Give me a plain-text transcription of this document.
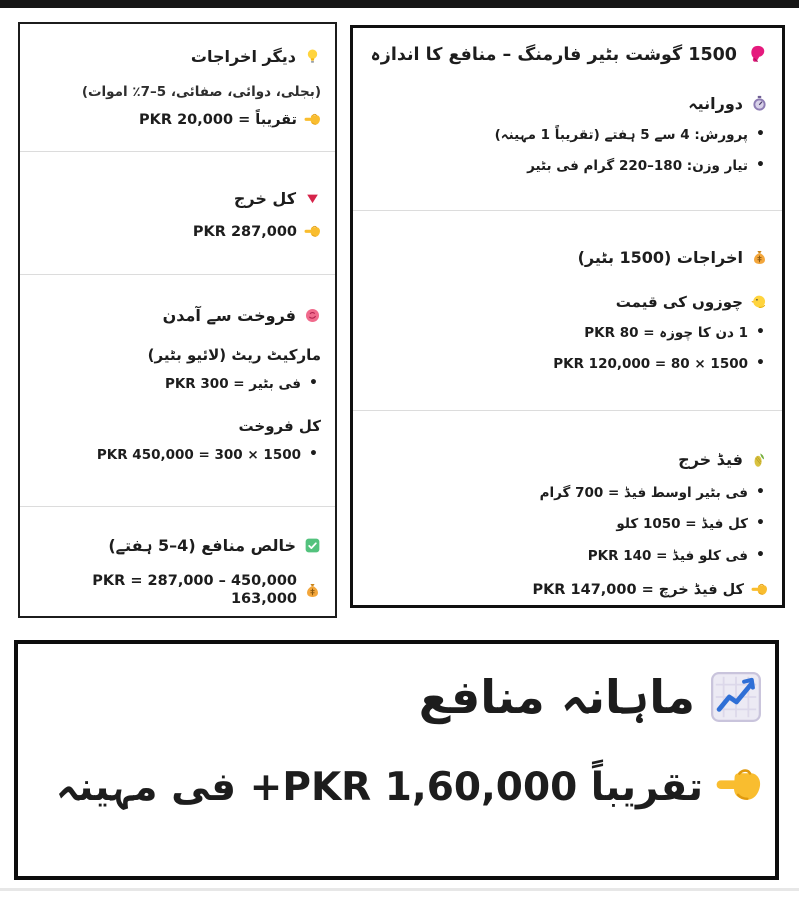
دیگر اخراجات
(بجلی، دوائی، صفائی، 5–7٪ اموات)
تقریباً = PKR 20,000
کل خرج
PKR 287,000
فروخت سے آمدن
مارکیٹ ریٹ (لائیو بٹیر)
• فی بٹیر = PKR 300
کل فروخت
• 1500 × 300 = PKR 450,000
خالص منافع (4–5 ہفتے)
450,000 – 287,000 = PKR 163,000
1500 گوشت بٹیر فارمنگ – منافع کا اندازہ
دورانیہ
• پرورش: 4 سے 5 ہفتے (تقریباً 1 مہینہ)
• تیار وزن: 180–220 گرام فی بٹیر
اخراجات (1500 بٹیر)
چوزوں کی قیمت
• 1 دن کا چوزہ = PKR 80
• 1500 × 80 = PKR 120,000
فیڈ خرج
• فی بٹیر اوسط فیڈ = 700 گرام
• کل فیڈ = 1050 کلو
• فی کلو فیڈ = PKR 140
کل فیڈ خرچ = PKR 147,000
ماہانہ منافع
تقریباً PKR 1,60,000+ فی مہینہ
